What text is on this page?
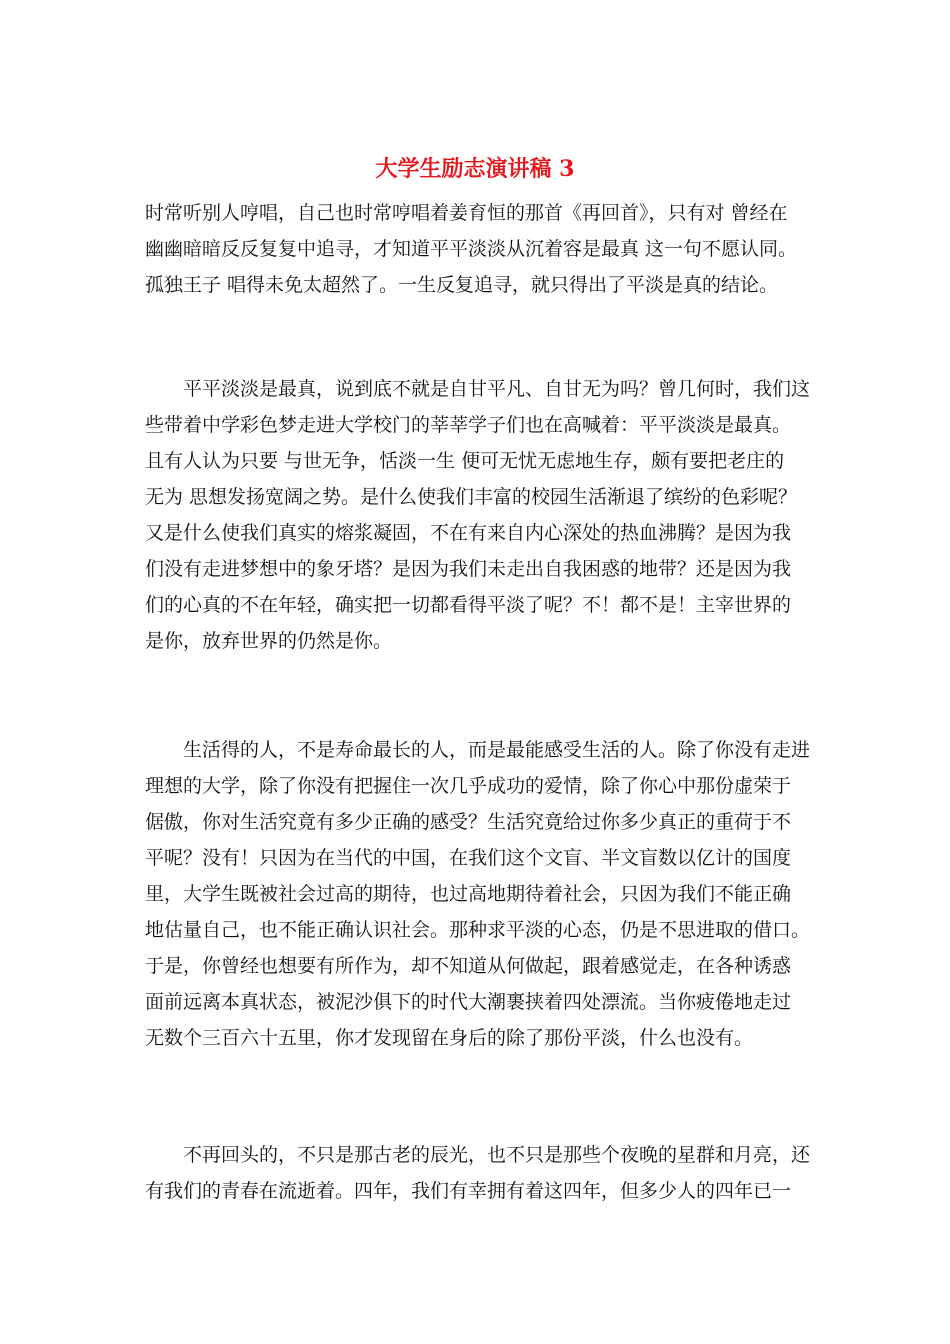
大学生励志演讲稿 3
时常听别人哼唱，自己也时常哼唱着姜育恒的那首《再回首》，只有对 曾经在
幽幽暗暗反反复复中追寻，才知道平平淡淡从沉着容是最真 这一句不愿认同。
孤独王子 唱得未免太超然了。一生反复追寻，就只得出了平淡是真的结论。
　　平平淡淡是最真，说到底不就是自甘平凡、自甘无为吗？曾几何时，我们这
些带着中学彩色梦走进大学校门的莘莘学子们也在高喊着：平平淡淡是最真。
且有人认为只要 与世无争，恬淡一生 便可无忧无虑地生存，颇有要把老庄的
无为 思想发扬宽阔之势。是什么使我们丰富的校园生活渐退了缤纷的色彩呢？
又是什么使我们真实的熔浆凝固，不在有来自内心深处的热血沸腾？是因为我
们没有走进梦想中的象牙塔？是因为我们未走出自我困惑的地带？还是因为我
们的心真的不在年轻，确实把一切都看得平淡了呢？不！都不是！主宰世界的
是你，放弃世界的仍然是你。
　　生活得的人，不是寿命最长的人，而是最能感受生活的人。除了你没有走进
理想的大学，除了你没有把握住一次几乎成功的爱情，除了你心中那份虚荣于
倨傲，你对生活究竟有多少正确的感受？生活究竟给过你多少真正的重荷于不
平呢？没有！只因为在当代的中国，在我们这个文盲、半文盲数以亿计的国度
里，大学生既被社会过高的期待，也过高地期待着社会，只因为我们不能正确
地估量自己，也不能正确认识社会。那种求平淡的心态，仍是不思进取的借口。
于是，你曾经也想要有所作为，却不知道从何做起，跟着感觉走，在各种诱惑
面前远离本真状态，被泥沙俱下的时代大潮裹挟着四处漂流。当你疲倦地走过
无数个三百六十五里，你才发现留在身后的除了那份平淡，什么也没有。
　　不再回头的，不只是那古老的辰光，也不只是那些个夜晚的星群和月亮，还
有我们的青春在流逝着。四年，我们有幸拥有着这四年，但多少人的四年已一
